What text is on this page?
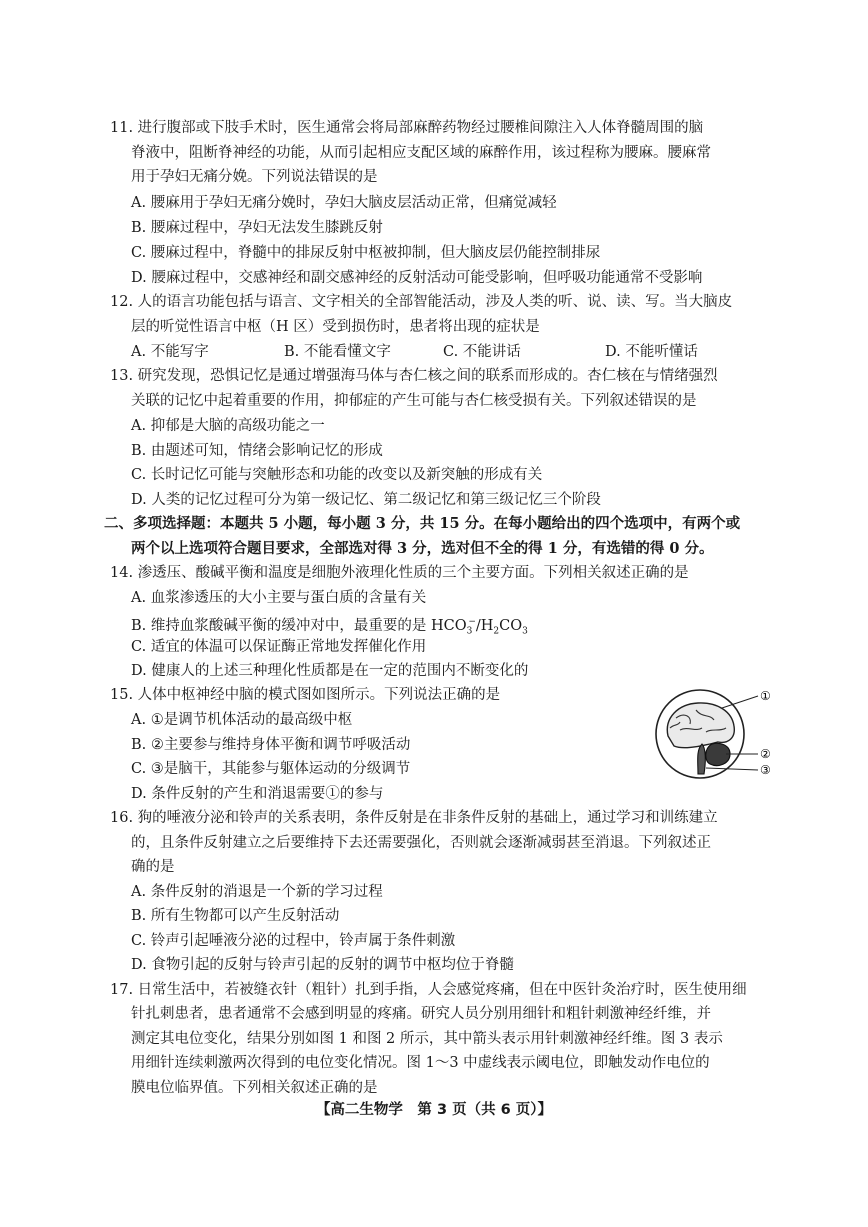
11. 进行腹部或下肢手术时，医生通常会将局部麻醉药物经过腰椎间隙注入人体脊髓周围的脑
脊液中，阻断脊神经的功能，从而引起相应支配区域的麻醉作用，该过程称为腰麻。腰麻常
用于孕妇无痛分娩。下列说法错误的是
A. 腰麻用于孕妇无痛分娩时，孕妇大脑皮层活动正常，但痛觉减轻
B. 腰麻过程中，孕妇无法发生膝跳反射
C. 腰麻过程中，脊髓中的排尿反射中枢被抑制，但大脑皮层仍能控制排尿
D. 腰麻过程中，交感神经和副交感神经的反射活动可能受影响，但呼吸功能通常不受影响
12. 人的语言功能包括与语言、文字相关的全部智能活动，涉及人类的听、说、读、写。当大脑皮
层的听觉性语言中枢（H 区）受到损伤时，患者将出现的症状是
A. 不能写字	B. 不能看懂文字	C. 不能讲话	D. 不能听懂话
13. 研究发现，恐惧记忆是通过增强海马体与杏仁核之间的联系而形成的。杏仁核在与情绪强烈
关联的记忆中起着重要的作用，抑郁症的产生可能与杏仁核受损有关。下列叙述错误的是
A. 抑郁是大脑的高级功能之一
B. 由题述可知，情绪会影响记忆的形成
C. 长时记忆可能与突触形态和功能的改变以及新突触的形成有关
D. 人类的记忆过程可分为第一级记忆、第二级记忆和第三级记忆三个阶段
二、多项选择题：本题共 5 小题，每小题 3 分，共 15 分。在每小题给出的四个选项中，有两个或
两个以上选项符合题目要求，全部选对得 3 分，选对但不全的得 1 分，有选错的得 0 分。
14. 渗透压、酸碱平衡和温度是细胞外液理化性质的三个主要方面。下列相关叙述正确的是
A. 血浆渗透压的大小主要与蛋白质的含量有关
B. 维持血浆酸碱平衡的缓冲对中，最重要的是 $HCO_3^-/H_2CO_3$
C. 适宜的体温可以保证酶正常地发挥催化作用
D. 健康人的上述三种理化性质都是在一定的范围内不断变化的
15. 人体中枢神经中脑的模式图如图所示。下列说法正确的是
A. ①是调节机体活动的最高级中枢
B. ②主要参与维持身体平衡和调节呼吸活动
C. ③是脑干，其能参与躯体运动的分级调节
D. 条件反射的产生和消退需要①的参与
①
②
③
16. 狗的唾液分泌和铃声的关系表明，条件反射是在非条件反射的基础上，通过学习和训练建立
的，且条件反射建立之后要维持下去还需要强化，否则就会逐渐减弱甚至消退。下列叙述正
确的是
A. 条件反射的消退是一个新的学习过程
B. 所有生物都可以产生反射活动
C. 铃声引起唾液分泌的过程中，铃声属于条件刺激
D. 食物引起的反射与铃声引起的反射的调节中枢均位于脊髓
17. 日常生活中，若被缝衣针（粗针）扎到手指，人会感觉疼痛，但在中医针灸治疗时，医生使用细
针扎刺患者，患者通常不会感到明显的疼痛。研究人员分别用细针和粗针刺激神经纤维，并
测定其电位变化，结果分别如图 1 和图 2 所示，其中箭头表示用针刺激神经纤维。图 3 表示
用细针连续刺激两次得到的电位变化情况。图 1～3 中虚线表示阈电位，即触发动作电位的
膜电位临界值。下列相关叙述正确的是
【高二生物学　第 3 页（共 6 页）】
